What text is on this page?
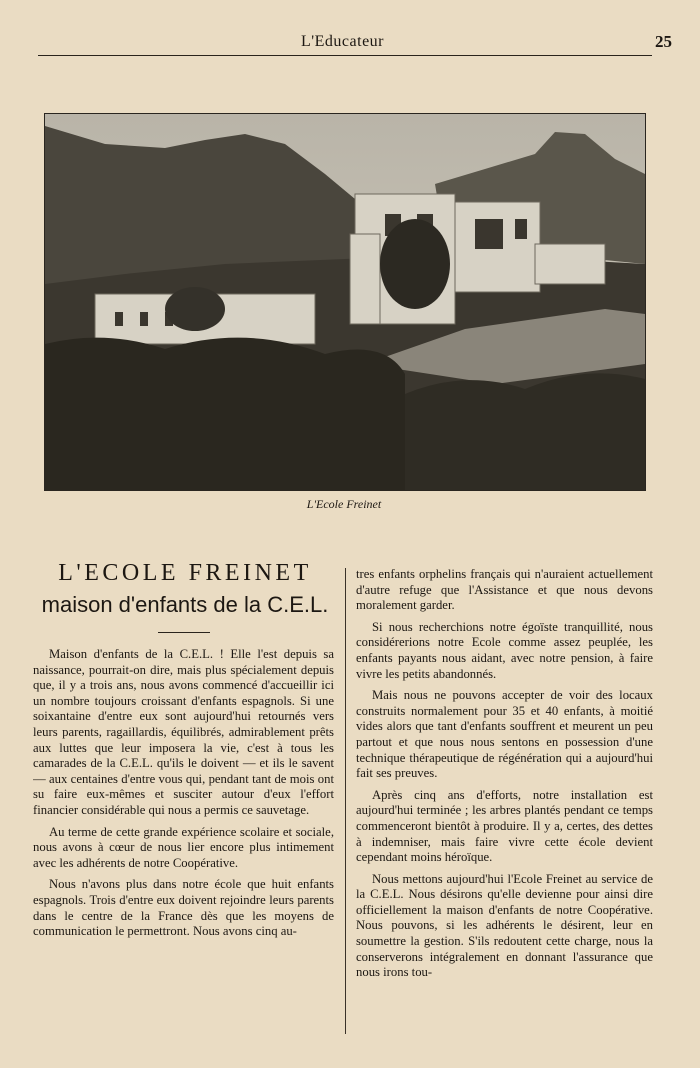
L'Educateur	25
L'Ecole Freinet
L'ECOLE FREINET
maison d'enfants de la C.E.L.

Maison d'enfants de la C.E.L. ! Elle l'est depuis sa naissance, pourrait-on dire, mais plus spécialement depuis que, il y a trois ans, nous avons commencé d'accueillir ici un nombre toujours croissant d'enfants espagnols. Si une soixantaine d'entre eux sont aujourd'hui retournés vers leurs parents, ragaillardis, équilibrés, admirablement prêts aux luttes que leur imposera la vie, c'est à tous les camarades de la C.E.L. qu'ils le doivent — et ils le savent — aux centaines d'entre vous qui, pendant tant de mois ont su faire eux-mêmes et susciter autour d'eux l'effort financier considérable qui nous a permis ce sauvetage.

Au terme de cette grande expérience scolaire et sociale, nous avons à cœur de nous lier encore plus intimement avec les adhérents de notre Coopérative.

Nous n'avons plus dans notre école que huit enfants espagnols. Trois d'entre eux doivent rejoindre leurs parents dans le centre de la France dès que les moyens de communication le permettront. Nous avons cinq au-

tres enfants orphelins français qui n'auraient actuellement d'autre refuge que l'Assistance et que nous devons moralement garder.

Si nous recherchions notre égoïste tranquillité, nous considérerions notre Ecole comme assez peuplée, les enfants payants nous aidant, avec notre pension, à faire vivre les petits abandonnés.

Mais nous ne pouvons accepter de voir des locaux construits normalement pour 35 et 40 enfants, à moitié vides alors que tant d'enfants souffrent et meurent un peu partout et que nous nous sentons en possession d'une technique thérapeutique de régénération qui a aujourd'hui fait ses preuves.

Après cinq ans d'efforts, notre installation est aujourd'hui terminée ; les arbres plantés pendant ce temps commenceront bientôt à produire. Il y a, certes, des dettes à indemniser, mais faire vivre cette école devient cependant moins héroïque.

Nous mettons aujourd'hui l'Ecole Freinet au service de la C.E.L. Nous désirons qu'elle devienne pour ainsi dire officiellement la maison d'enfants de notre Coopérative. Nous pouvons, si les adhérents le désirent, leur en soumettre la gestion. S'ils redoutent cette charge, nous la conserverons intégralement en donnant l'assurance que nous irons tou-
